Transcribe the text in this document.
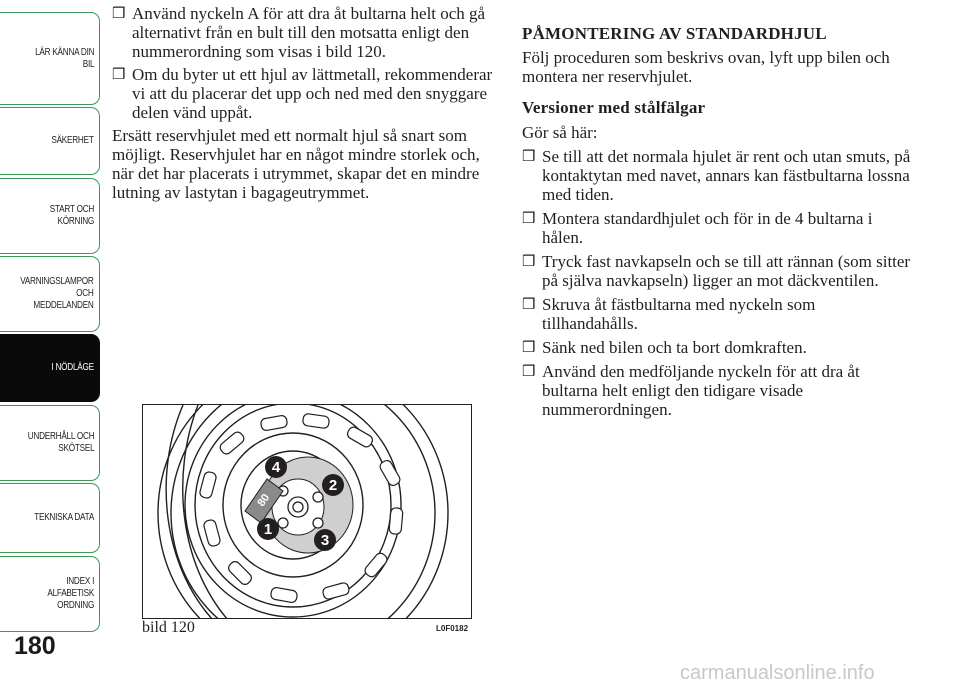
LÄR KÄNNA DIN
BIL
SÄKERHET
START OCH
KÖRNING
VARNINGSLAMPOR
OCH
MEDDELANDEN
I NÖDLÄGE
UNDERHÅLL OCH
SKÖTSEL
TEKNISKA DATA
INDEX I
ALFABETISK
ORDNING
180

❒ Använd nyckeln A för att dra åt bultarna helt och gå alternativt från en bult till den motsatta enligt den nummerordning som visas i bild 120.

❒ Om du byter ut ett hjul av lättmetall, rekommenderar vi att du placerar det upp och ned med den snyggare delen vänd uppåt.

Ersätt reservhjulet med ett normalt hjul så snart som möjligt. Reservhjulet har en något mindre storlek och, när det har placerats i utrymmet, skapar det en mindre lutning av lastytan i bagageutrymmet.

80
1
2
3
4
bild 120	L0F0182

PÅMONTERING AV STANDARDHJUL

Följ proceduren som beskrivs ovan, lyft upp bilen och montera ner reservhjulet.

Versioner med stålfälgar

Gör så här:

❒ Se till att det normala hjulet är rent och utan smuts, på kontaktytan med navet, annars kan fästbultarna lossna med tiden.

❒ Montera standardhjulet och för in de 4 bultarna i hålen.

❒ Tryck fast navkapseln och se till att rännan (som sitter på själva navkapseln) ligger an mot däckventilen.

❒ Skruva åt fästbultarna med nyckeln som tillhandahålls.

❒ Sänk ned bilen och ta bort domkraften.

❒ Använd den medföljande nyckeln för att dra åt bultarna helt enligt den tidigare visade nummerordningen.

carmanualsonline.info
